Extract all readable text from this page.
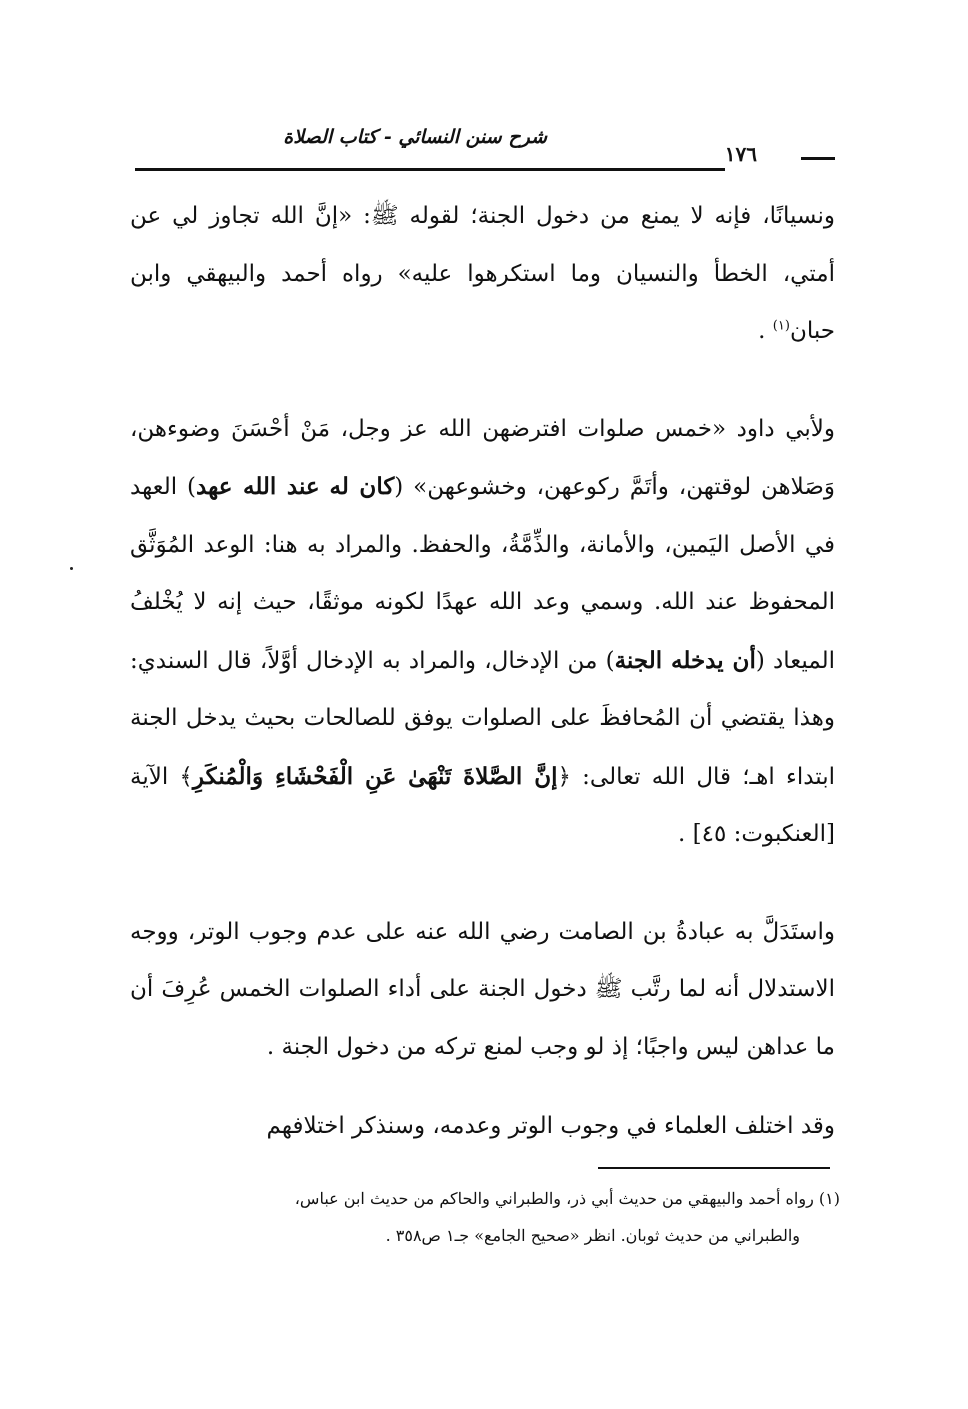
شرح سنن النسائي - كتاب الصلاة
١٧٦

ونسيانًا، فإنه لا يمنع من دخول الجنة؛ لقوله ﷺ: «إنَّ الله تجاوز لي عن أمتي، الخطأ والنسيان وما استكرهوا عليه» رواه أحمد والبيهقي وابن حبان$^{(١)}$ .

ولأبي داود «خمس صلوات افترضهن الله عز وجل، مَنْ أحْسَنَ وضوءهن، وَصَلاهن لوقتهن، وأتَمَّ ركوعهن، وخشوعهن» (كان له عند الله عهد) العهد في الأصل اليَمين، والأمانة، والذِّمَّةُ، والحفظ. والمراد به هنا: الوعد المُوَثَّق المحفوظ عند الله. وسمي وعد الله عهدًا لكونه موثقًا، حيث إنه لا يُخْلفُ الميعاد (أن يدخله الجنة) من الإدخال، والمراد به الإدخال أوَّلاً، قال السندي: وهذا يقتضي أن المُحافظَ على الصلوات يوفق للصالحات بحيث يدخل الجنة ابتداء اهـ؛ قال الله تعالى: ﴿إنَّ الصَّلاةَ تَنْهَىٰ عَنِ الْفَحْشَاءِ وَالْمُنكَرِ﴾ الآية [العنكبوت: ٤٥] .

واستَدَلَّ به عبادةُ بن الصامت رضي الله عنه على عدم وجوب الوتر، ووجه الاستدلال أنه لما رتَّب ﷺ دخول الجنة على أداء الصلوات الخمس عُرِفَ أن ما عداهن ليس واجبًا؛ إذ لو وجب لمنع تركه من دخول الجنة .

وقد اختلف العلماء في وجوب الوتر وعدمه، وسنذكر اختلافهم

(١) رواه أحمد والبيهقي من حديث أبي ذر، والطبراني والحاكم من حديث ابن عباس،
والطبراني من حديث ثوبان. انظر «صحيح الجامع» جـ١ ص٣٥٨ .
